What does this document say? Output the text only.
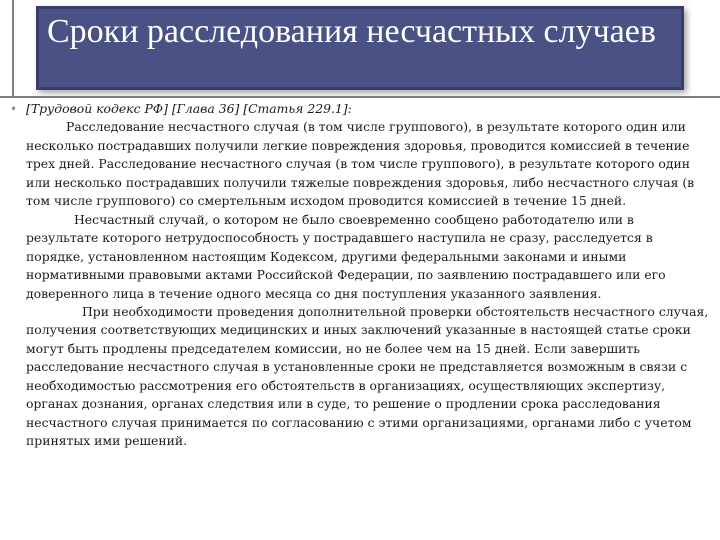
Сроки расследования несчастных случаев
• [Трудовой кодекс РФ] [Глава 36] [Статья 229.1]:

Расследование несчастного случая (в том числе группового), в результате которого один или несколько пострадавших получили легкие повреждения здоровья, проводится комиссией в течение трех дней. Расследование несчастного случая (в том числе группового), в результате которого один или несколько пострадавших получили тяжелые повреждения здоровья, либо несчастного случая (в том числе группового) со смертельным исходом проводится комиссией в течение 15 дней.

Несчастный случай, о котором не было своевременно сообщено работодателю или в результате которого нетрудоспособность у пострадавшего наступила не сразу, расследуется в порядке, установленном настоящим Кодексом, другими федеральными законами и иными нормативными правовыми актами Российской Федерации, по заявлению пострадавшего или его доверенного лица в течение одного месяца со дня поступления указанного заявления.

При необходимости проведения дополнительной проверки обстоятельств несчастного случая, получения соответствующих медицинских и иных заключений указанные в настоящей статье сроки могут быть продлены председателем комиссии, но не более чем на 15 дней. Если завершить расследование несчастного случая в установленные сроки не представляется возможным в связи с необходимостью рассмотрения его обстоятельств в организациях, осуществляющих экспертизу, органах дознания, органах следствия или в суде, то решение о продлении срока расследования несчастного случая принимается по согласованию с этими организациями, органами либо с учетом принятых ими решений.
